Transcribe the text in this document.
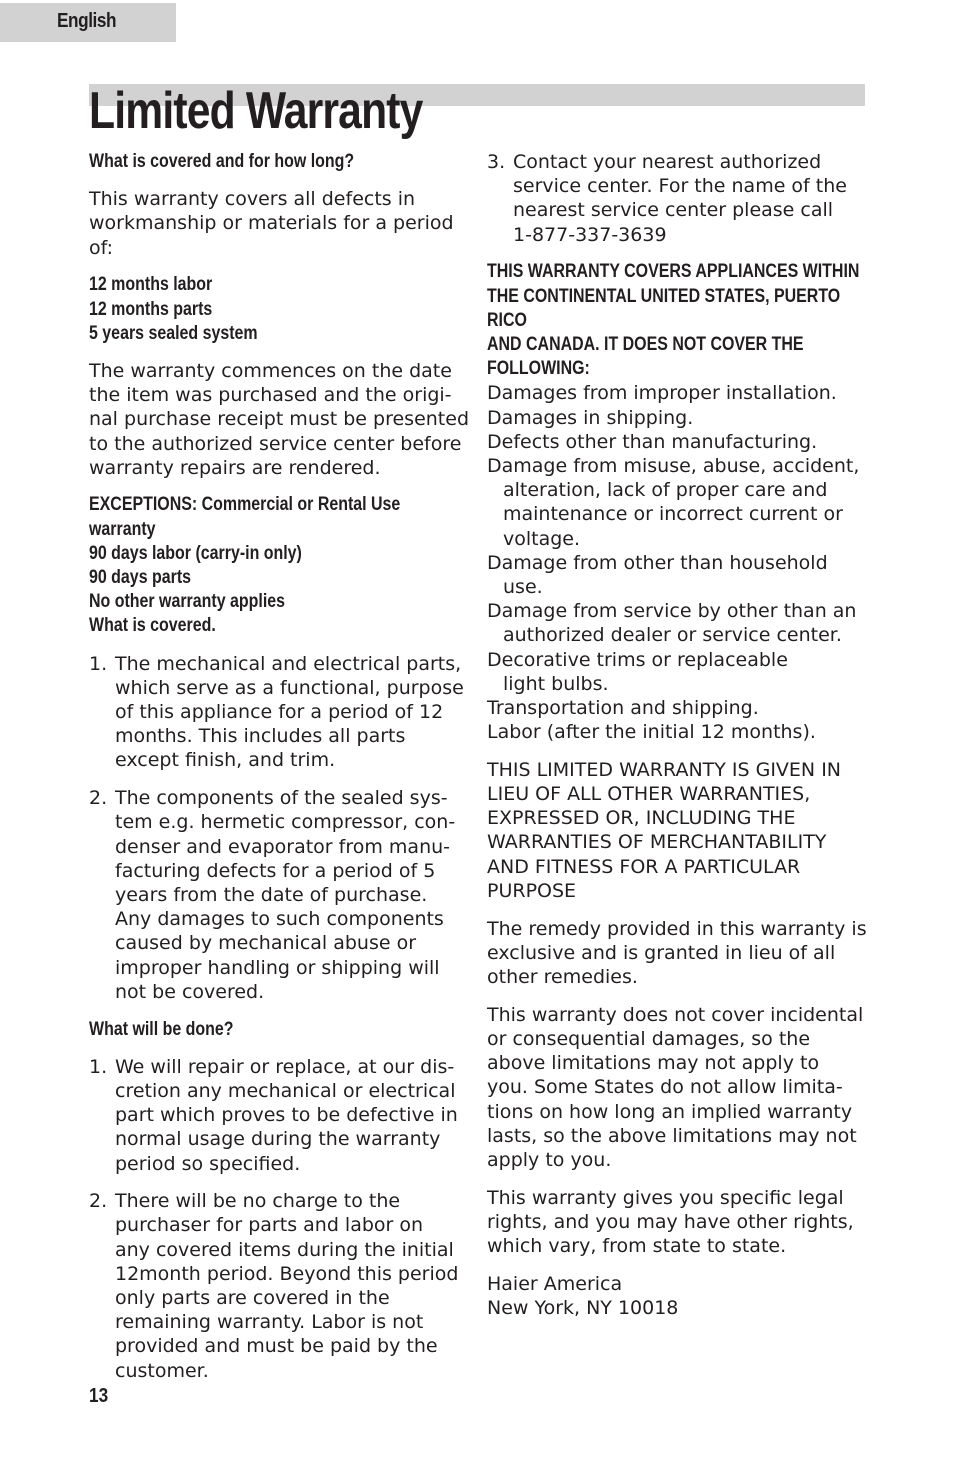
English
Limited Warranty
What is covered and for how long?
This warranty covers all defects in
workmanship or materials for a period
of:
12 months labor
12 months parts
5 years sealed system
The warranty commences on the date
the item was purchased and the origi-
nal purchase receipt must be presented
to the authorized service center before
warranty repairs are rendered.
EXCEPTIONS: Commercial or Rental Use
warranty
90 days labor (carry-in only)
90 days parts
No other warranty applies
What is covered.
1. The mechanical and electrical parts,
which serve as a functional, purpose
of this appliance for a period of 12
months. This includes all parts
except finish, and trim.
2. The components of the sealed sys-
tem e.g. hermetic compressor, con-
denser and evaporator from manu-
facturing defects for a period of 5
years from the date of purchase.
Any damages to such components
caused by mechanical abuse or
improper handling or shipping will
not be covered.
What will be done?
1. We will repair or replace, at our dis-
cretion any mechanical or electrical
part which proves to be defective in
normal usage during the warranty
period so specified.
2. There will be no charge to the
purchaser for parts and labor on
any covered items during the initial
12month period. Beyond this period
only parts are covered in the
remaining warranty. Labor is not
provided and must be paid by the
customer.
3. Contact your nearest authorized
service center. For the name of the
nearest service center please call
1-877-337-3639
THIS WARRANTY COVERS APPLIANCES WITHIN
THE CONTINENTAL UNITED STATES, PUERTO RICO
AND CANADA. IT DOES NOT COVER THE
FOLLOWING:
Damages from improper installation.
Damages in shipping.
Defects other than manufacturing.
Damage from misuse, abuse, accident, alteration, lack of proper care and maintenance or incorrect current or voltage.
Damage from other than household use.
Damage from service by other than an authorized dealer or service center.
Decorative trims or replaceable light bulbs.
Transportation and shipping.
Labor (after the initial 12 months).
THIS LIMITED WARRANTY IS GIVEN IN
LIEU OF ALL OTHER WARRANTIES,
EXPRESSED OR, INCLUDING THE
WARRANTIES OF MERCHANTABILITY
AND FITNESS FOR A PARTICULAR
PURPOSE
The remedy provided in this warranty is
exclusive and is granted in lieu of all
other remedies.
This warranty does not cover incidental
or consequential damages, so the
above limitations may not apply to
you. Some States do not allow limita-
tions on how long an implied warranty
lasts, so the above limitations may not
apply to you.
This warranty gives you specific legal
rights, and you may have other rights,
which vary, from state to state.
Haier America
New York, NY 10018
13
